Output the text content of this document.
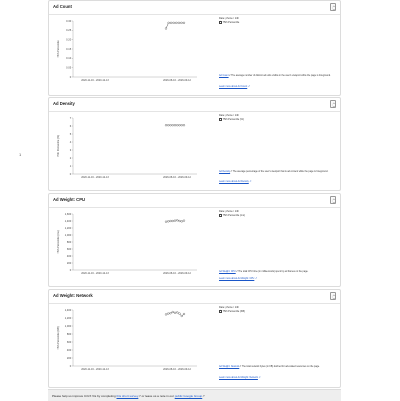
1
Ad Count
75th Percentile
0.30
0.25
0.20
0.15
0.10
0.05
0
2020-11-16 - 2020-12-13	2026-08-16 - 2026-09-12
Date: phone / 14h
✓ 75th Percentile
Ad Count↗ The average number of distinct ad units visible in the user's viewport while the page is foreground.
Learn more about Ad Count ↗
Ad Density
75th Percentile (%)
7
6
5
4
3
2
1
0
2020-11-16 - 2020-12-13	2026-08-16 - 2026-09-12
Date: phone / 14h
✓ 75th Percentile (%)
Ad Density↗ The average percentage of the user's viewport that is ad content while the page is foreground.
Learn more about Ad Density ↗
Ad Weight: CPU
75th Percentile (ms)
1,600
1,400
1,200
1,000
800
600
400
200
0
2020-11-16 - 2020-12-13	2026-08-16 - 2026-09-12
Date: phone / 14h
✓ 75th Percentile (ms)
Ad Weight: CPU↗ The total CPU time (in milliseconds) spent by ad frames on the page.
Learn more about Ad Weight: CPU ↗
Ad Weight: Network
75th Percentile (KB)
1,400
1,200
1,000
800
600
400
200
0
2020-11-16 - 2020-12-13	2026-08-16 - 2026-09-12
Date: phone / 14h
✓ 75th Percentile (KB)
Ad Weight: Network↗ The total network bytes (in KB) fetched for ad-related resources on the page.
Learn more about Ad Weight: Network ↗
Please help us improve CrUX Vis by completing this short survey↗ or leave us a note in our public Google Group↗
